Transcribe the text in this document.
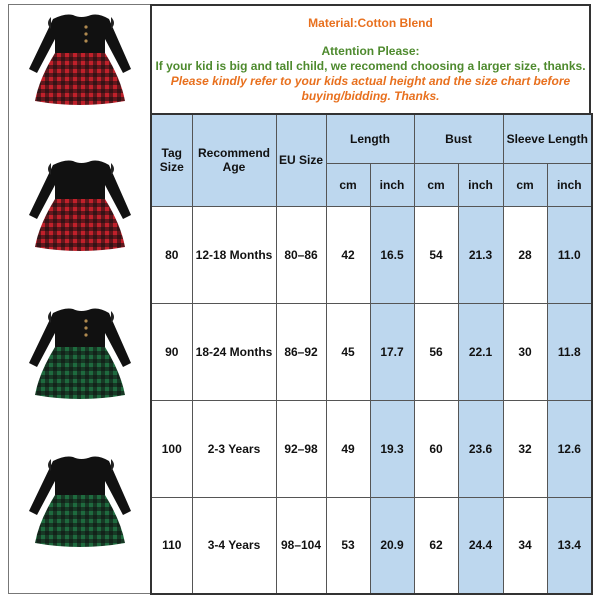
Material:Cotton Blend
Attention Please:
If your kid is big and tall child, we recomend choosing a larger size, thanks.
Please kindly refer to your kids actual height and the size chart before buying/bidding. Thanks.
Tag Size	Recommend Age	EU Size	Length		Bust		Sleeve Length	
			cm	inch	cm	inch	cm	inch
80	12-18 Months	80–86	42	16.5	54	21.3	28	11.0
90	18-24 Months	86–92	45	17.7	56	22.1	30	11.8
100	2-3 Years	92–98	49	19.3	60	23.6	32	12.6
110	3-4 Years	98–104	53	20.9	62	24.4	34	13.4
